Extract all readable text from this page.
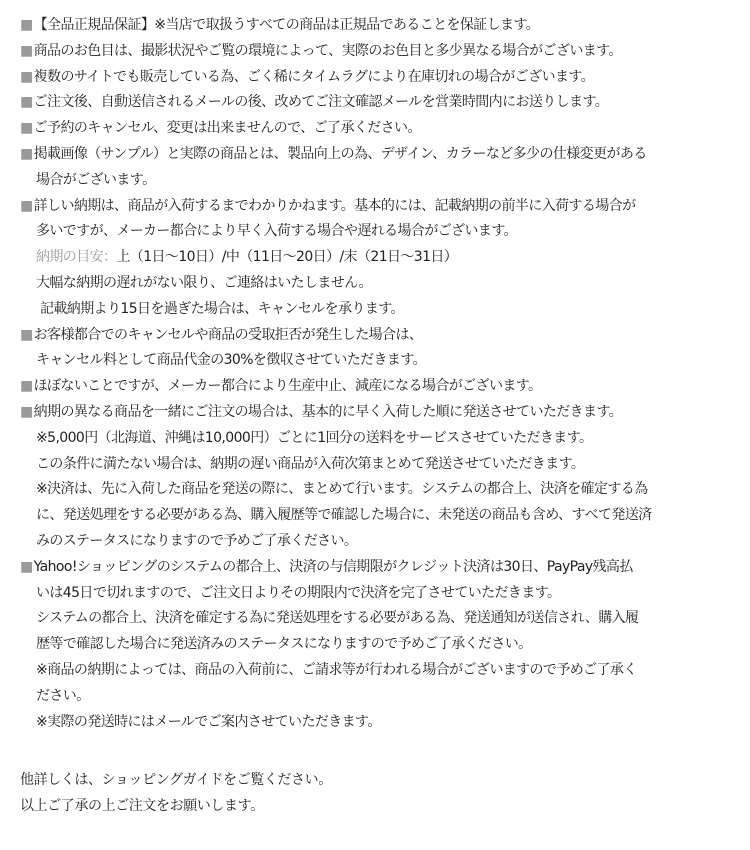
■【全品正規品保証】※当店で取扱うすべての商品は正規品であることを保証します。
■商品のお色目は、撮影状況やご覧の環境によって、実際のお色目と多少異なる場合がございます。
■複数のサイトでも販売している為、ごく稀にタイムラグにより在庫切れの場合がございます。
■ご注文後、自動送信されるメールの後、改めてご注文確認メールを営業時間内にお送りします。
■ご予約のキャンセル、変更は出来ませんので、ご了承ください。
■掲載画像（サンプル）と実際の商品とは、製品向上の為、デザイン、カラーなど多少の仕様変更がある
場合がございます。
■詳しい納期は、商品が入荷するまでわかりかねます。基本的には、記載納期の前半に入荷する場合が
多いですが、メーカー都合により早く入荷する場合や遅れる場合がございます。
納期の目安：上（1日～10日）/中（11日～20日）/末（21日～31日）
大幅な納期の遅れがない限り、ご連絡はいたしません。
記載納期より15日を過ぎた場合は、キャンセルを承ります。
■お客様都合でのキャンセルや商品の受取拒否が発生した場合は、
キャンセル料として商品代金の30%を徴収させていただきます。
■ほぼないことですが、メーカー都合により生産中止、減産になる場合がございます。
■納期の異なる商品を一緒にご注文の場合は、基本的に早く入荷した順に発送させていただきます。
※5,000円（北海道、沖縄は10,000円）ごとに1回分の送料をサービスさせていただきます。
この条件に満たない場合は、納期の遅い商品が入荷次第まとめて発送させていただきます。
※決済は、先に入荷した商品を発送の際に、まとめて行います。システムの都合上、決済を確定する為
に、発送処理をする必要がある為、購入履歴等で確認した場合に、未発送の商品も含め、すべて発送済
みのステータスになりますので予めご了承ください。
■Yahoo!ショッピングのシステムの都合上、決済の与信期限がクレジット決済は30日、PayPay残高払
いは45日で切れますので、ご注文日よりその期限内で決済を完了させていただきます。
システムの都合上、決済を確定する為に発送処理をする必要がある為、発送通知が送信され、購入履
歴等で確認した場合に発送済みのステータスになりますので予めご了承ください。
※商品の納期によっては、商品の入荷前に、ご請求等が行われる場合がございますので予めご了承く
ださい。
※実際の発送時にはメールでご案内させていただきます。
他詳しくは、ショッピングガイドをご覧ください。
以上ご了承の上ご注文をお願いします。
